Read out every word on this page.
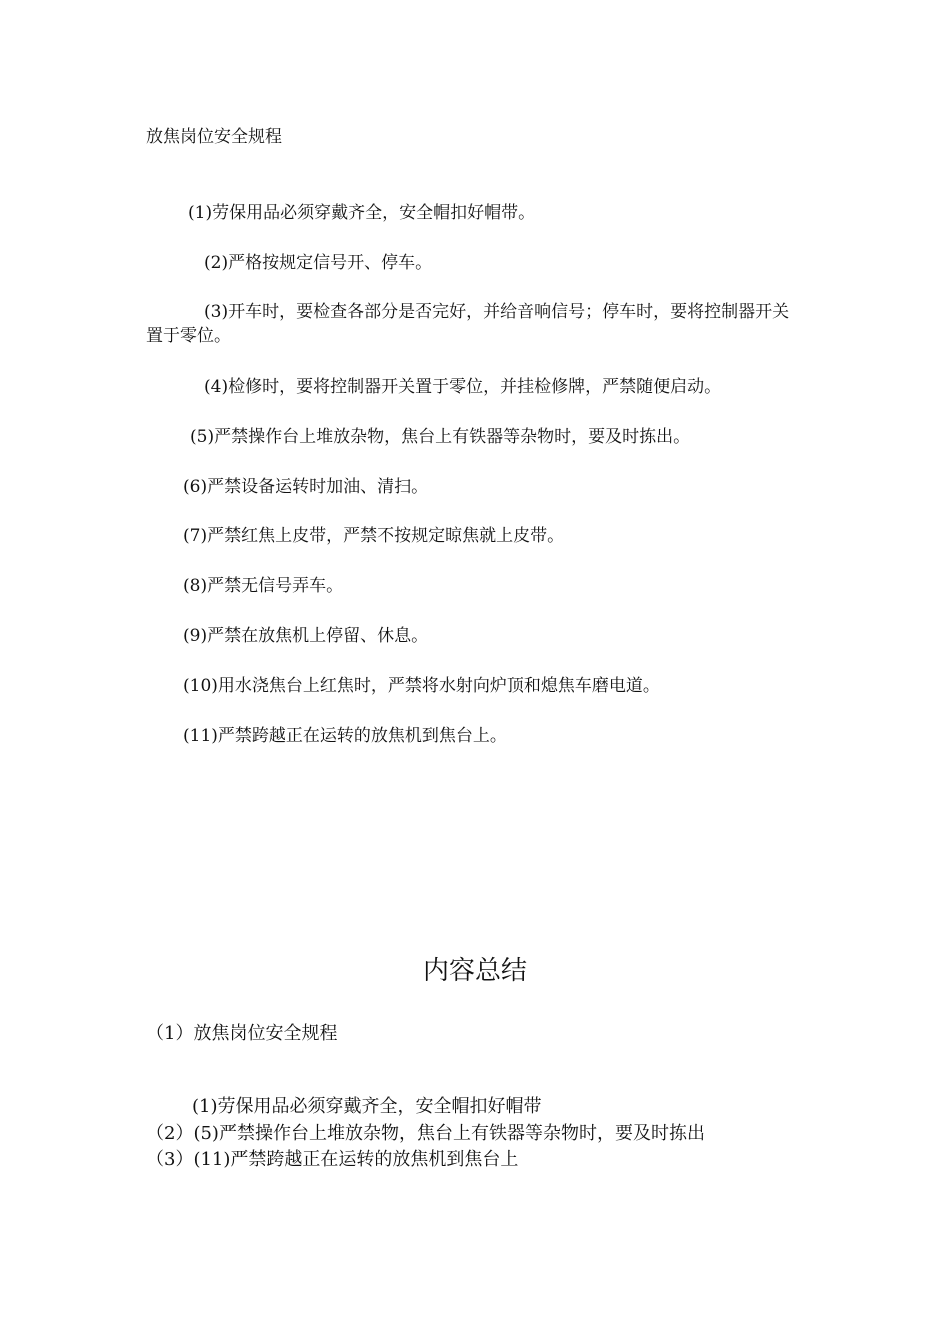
放焦岗位安全规程
(1)劳保用品必须穿戴齐全，安全帽扣好帽带。
(2)严格按规定信号开、停车。
(3)开车时，要检查各部分是否完好，并给音响信号；停车时，要将控制器开关置于零位。
(4)检修时，要将控制器开关置于零位，并挂检修牌，严禁随便启动。
(5)严禁操作台上堆放杂物，焦台上有铁器等杂物时，要及时拣出。
(6)严禁设备运转时加油、清扫。
(7)严禁红焦上皮带，严禁不按规定晾焦就上皮带。
(8)严禁无信号弄车。
(9)严禁在放焦机上停留、休息。
(10)用水浇焦台上红焦时，严禁将水射向炉顶和熄焦车磨电道。
(11)严禁跨越正在运转的放焦机到焦台上。
内容总结
（1）放焦岗位安全规程
(1)劳保用品必须穿戴齐全，安全帽扣好帽带
（2）(5)严禁操作台上堆放杂物，焦台上有铁器等杂物时，要及时拣出
（3）(11)严禁跨越正在运转的放焦机到焦台上
